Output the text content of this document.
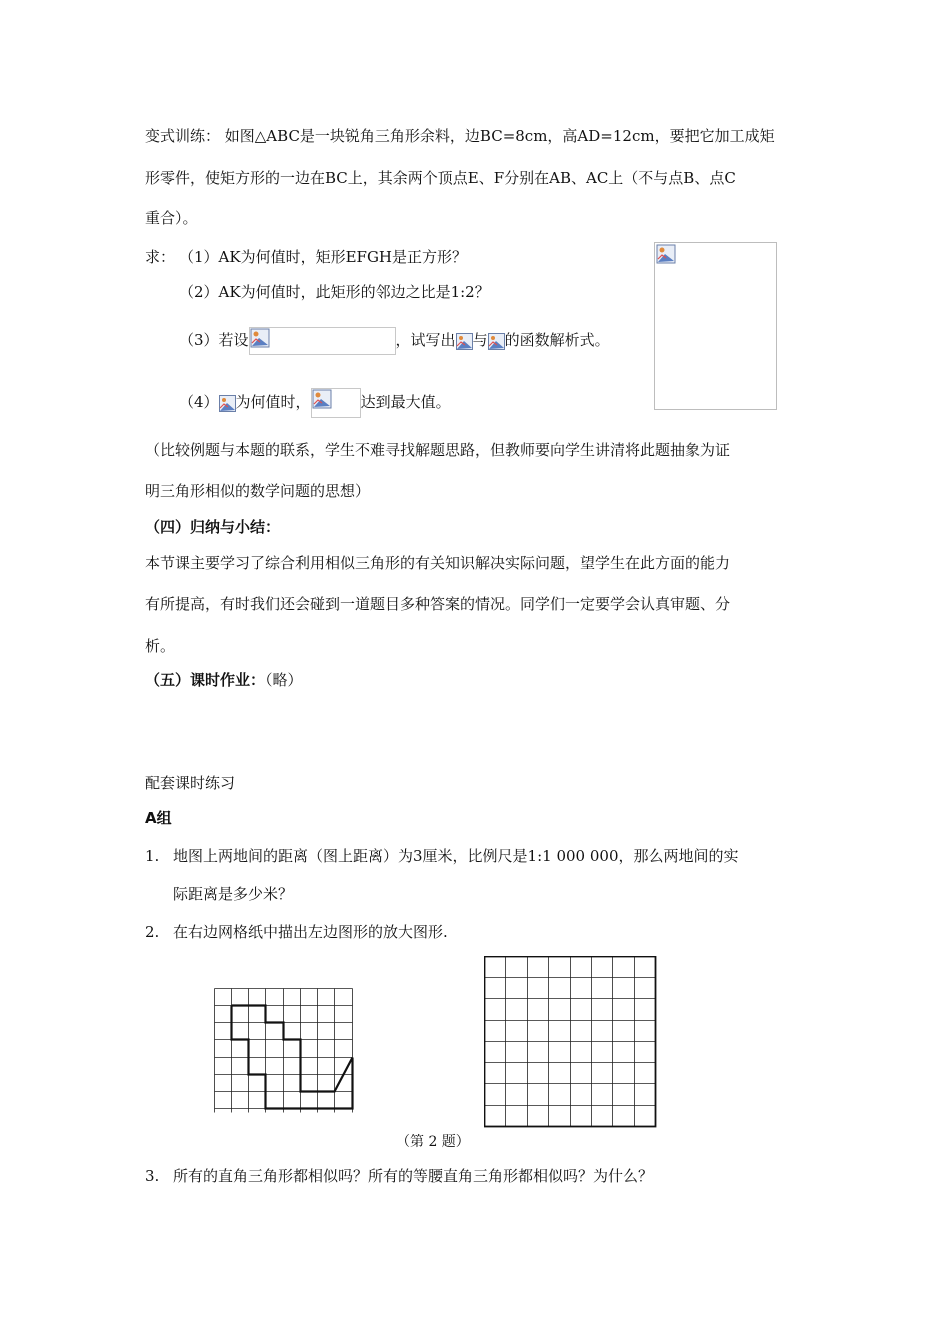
变式训练： 如图△ABC是一块锐角三角形余料，边BC=8cm，高AD=12cm，要把它加工成矩
形零件，使矩方形的一边在BC上，其余两个顶点E、F分别在AB、AC上（不与点B、点C
重合）。
求： （1）AK为何值时，矩形EFGH是正方形？
（2）AK为何值时，此矩形的邻边之比是1:2？
（3）若设	，试写出 与 的函数解析式。
（4） 为何值时，	达到最大值。
（比较例题与本题的联系，学生不难寻找解题思路，但教师要向学生讲清将此题抽象为证
明三角形相似的数学问题的思想）
（四）归纳与小结：
本节课主要学习了综合利用相似三角形的有关知识解决实际问题，望学生在此方面的能力
有所提高，有时我们还会碰到一道题目多种答案的情况。同学们一定要学会认真审题、分
析。
（五）课时作业：（略）
配套课时练习
A组
1. 地图上两地间的距离（图上距离）为3厘米，比例尺是1:1 000 000，那么两地间的实
际距离是多少米？
2. 在右边网格纸中描出左边图形的放大图形.
（第 2 题）
3. 所有的直角三角形都相似吗？所有的等腰直角三角形都相似吗？为什么？
